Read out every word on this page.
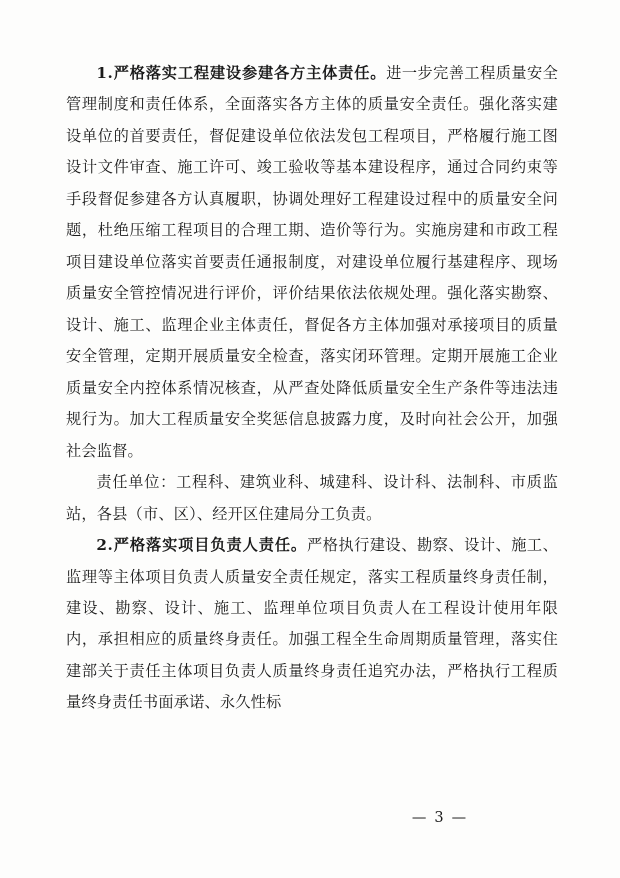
1.严格落实工程建设参建各方主体责任。进一步完善工程质量安全管理制度和责任体系，全面落实各方主体的质量安全责任。强化落实建设单位的首要责任，督促建设单位依法发包工程项目，严格履行施工图设计文件审查、施工许可、竣工验收等基本建设程序，通过合同约束等手段督促参建各方认真履职，协调处理好工程建设过程中的质量安全问题，杜绝压缩工程项目的合理工期、造价等行为。实施房建和市政工程项目建设单位落实首要责任通报制度，对建设单位履行基建程序、现场质量安全管控情况进行评价，评价结果依法依规处理。强化落实勘察、设计、施工、监理企业主体责任，督促各方主体加强对承接项目的质量安全管理，定期开展质量安全检查，落实闭环管理。定期开展施工企业质量安全内控体系情况核查，从严查处降低质量安全生产条件等违法违规行为。加大工程质量安全奖惩信息披露力度，及时向社会公开，加强社会监督。

责任单位：工程科、建筑业科、城建科、设计科、法制科、市质监站，各县（市、区）、经开区住建局分工负责。

2.严格落实项目负责人责任。严格执行建设、勘察、设计、施工、监理等主体项目负责人质量安全责任规定，落实工程质量终身责任制，建设、勘察、设计、施工、监理单位项目负责人在工程设计使用年限内，承担相应的质量终身责任。加强工程全生命周期质量管理，落实住建部关于责任主体项目负责人质量终身责任追究办法，严格执行工程质量终身责任书面承诺、永久性标

— 3 —
